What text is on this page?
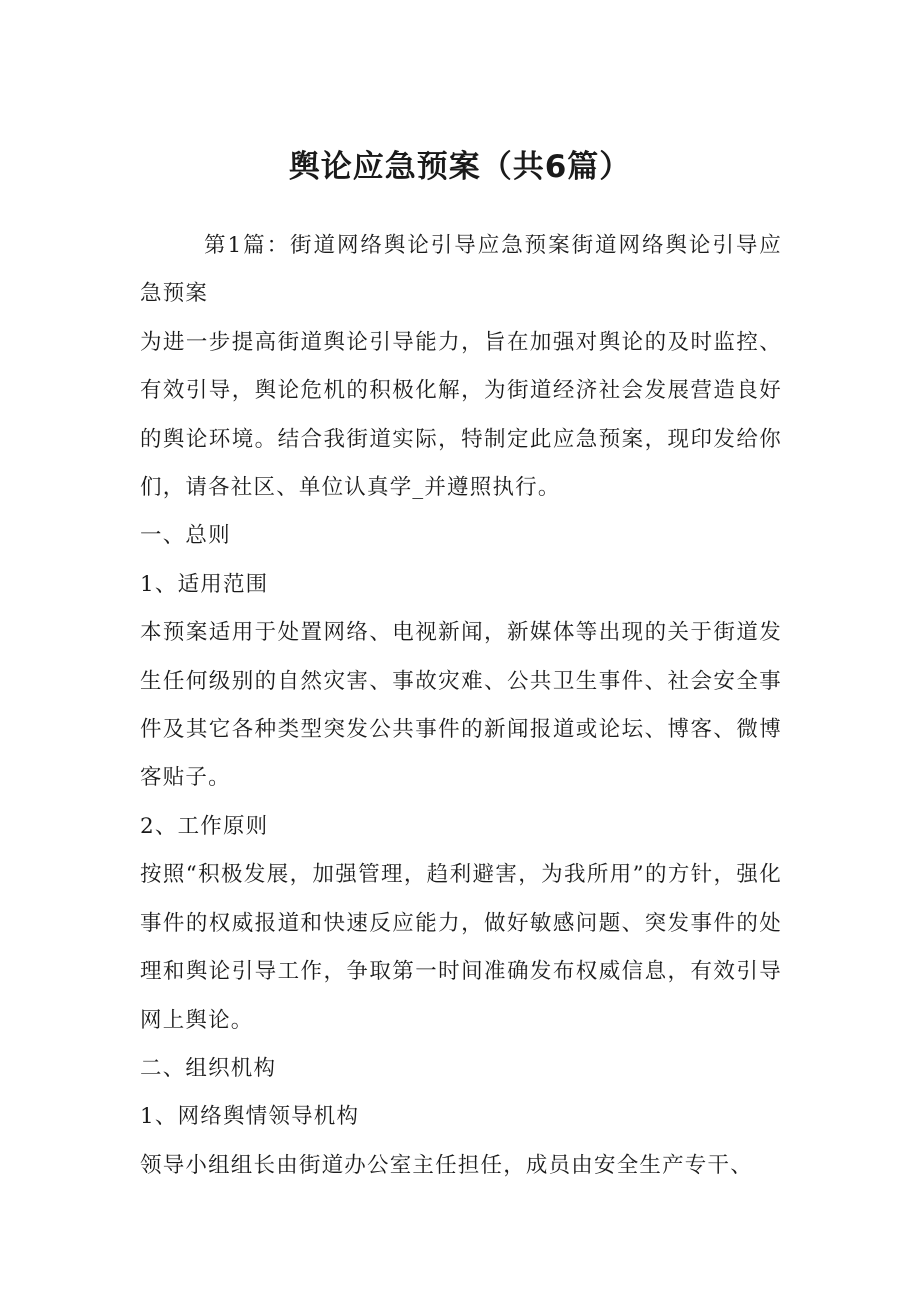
舆论应急预案（共6篇）

第1篇：街道网络舆论引导应急预案街道网络舆论引导应急预案

为进一步提高街道舆论引导能力，旨在加强对舆论的及时监控、有效引导，舆论危机的积极化解，为街道经济社会发展营造良好的舆论环境。结合我街道实际，特制定此应急预案，现印发给你们，请各社区、单位认真学_并遵照执行。

一、总则

1、适用范围

本预案适用于处置网络、电视新闻，新媒体等出现的关于街道发生任何级别的自然灾害、事故灾难、公共卫生事件、社会安全事件及其它各种类型突发公共事件的新闻报道或论坛、博客、微博客贴子。

2、工作原则

按照“积极发展，加强管理，趋利避害，为我所用”的方针，强化事件的权威报道和快速反应能力，做好敏感问题、突发事件的处理和舆论引导工作，争取第一时间准确发布权威信息，有效引导网上舆论。

二、组织机构

1、网络舆情领导机构

领导小组组长由街道办公室主任担任，成员由安全生产专干、
